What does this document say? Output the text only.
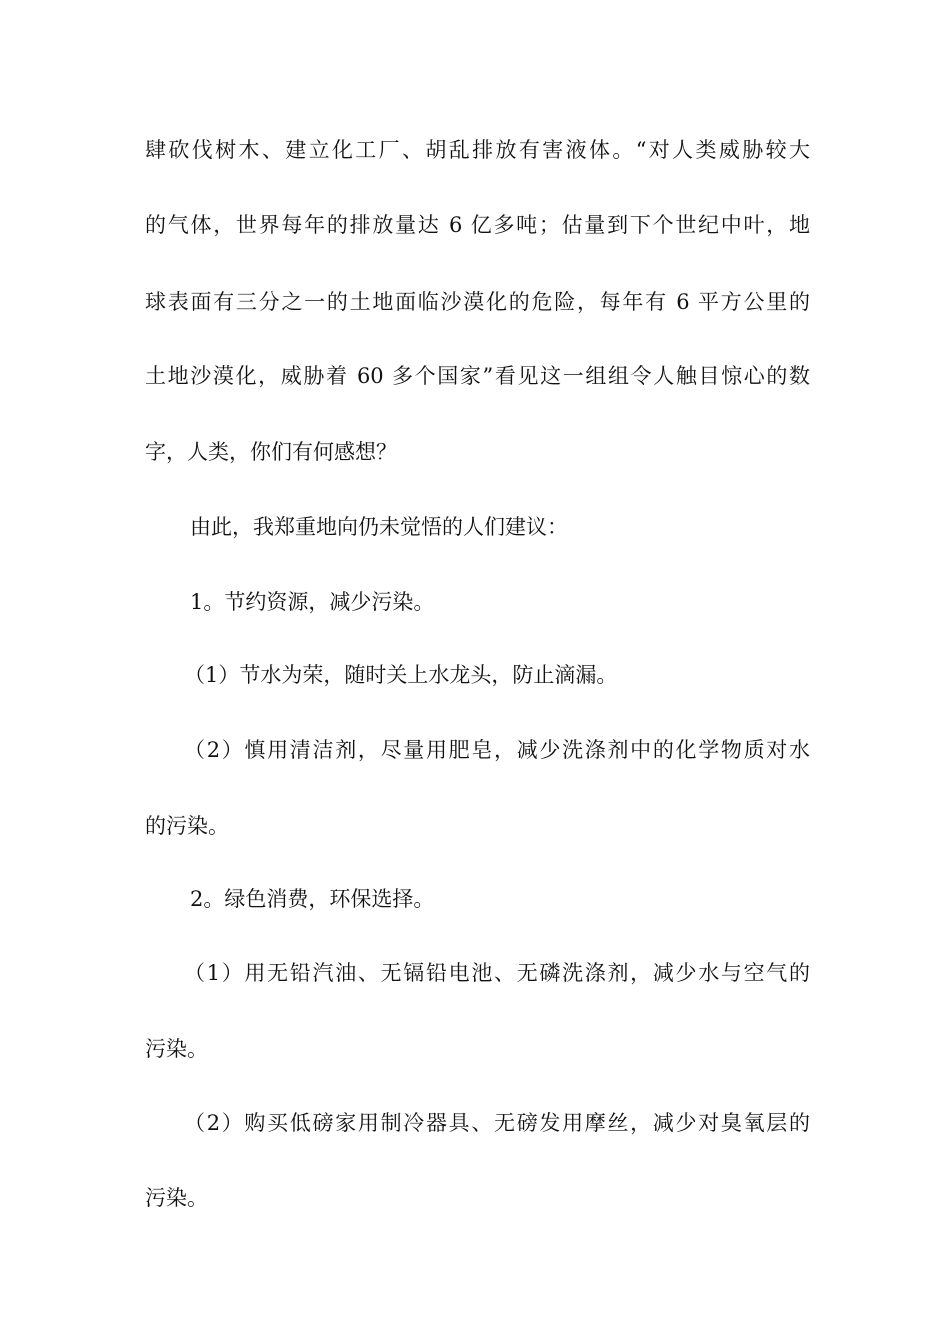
肆砍伐树木、建立化工厂、胡乱排放有害液体。“对人类威胁较大
的气体，世界每年的排放量达 6 亿多吨；估量到下个世纪中叶，地
球表面有三分之一的土地面临沙漠化的危险，每年有 6 平方公里的
土地沙漠化，威胁着 60 多个国家”看见这一组组令人触目惊心的数
字，人类，你们有何感想？
由此，我郑重地向仍未觉悟的人们建议：
1。节约资源，减少污染。
（1）节水为荣，随时关上水龙头，防止滴漏。
（2）慎用清洁剂，尽量用肥皂，减少洗涤剂中的化学物质对水
的污染。
2。绿色消费，环保选择。
（1）用无铅汽油、无镉铅电池、无磷洗涤剂，减少水与空气的
污染。
（2）购买低磅家用制冷器具、无磅发用摩丝，减少对臭氧层的
污染。
